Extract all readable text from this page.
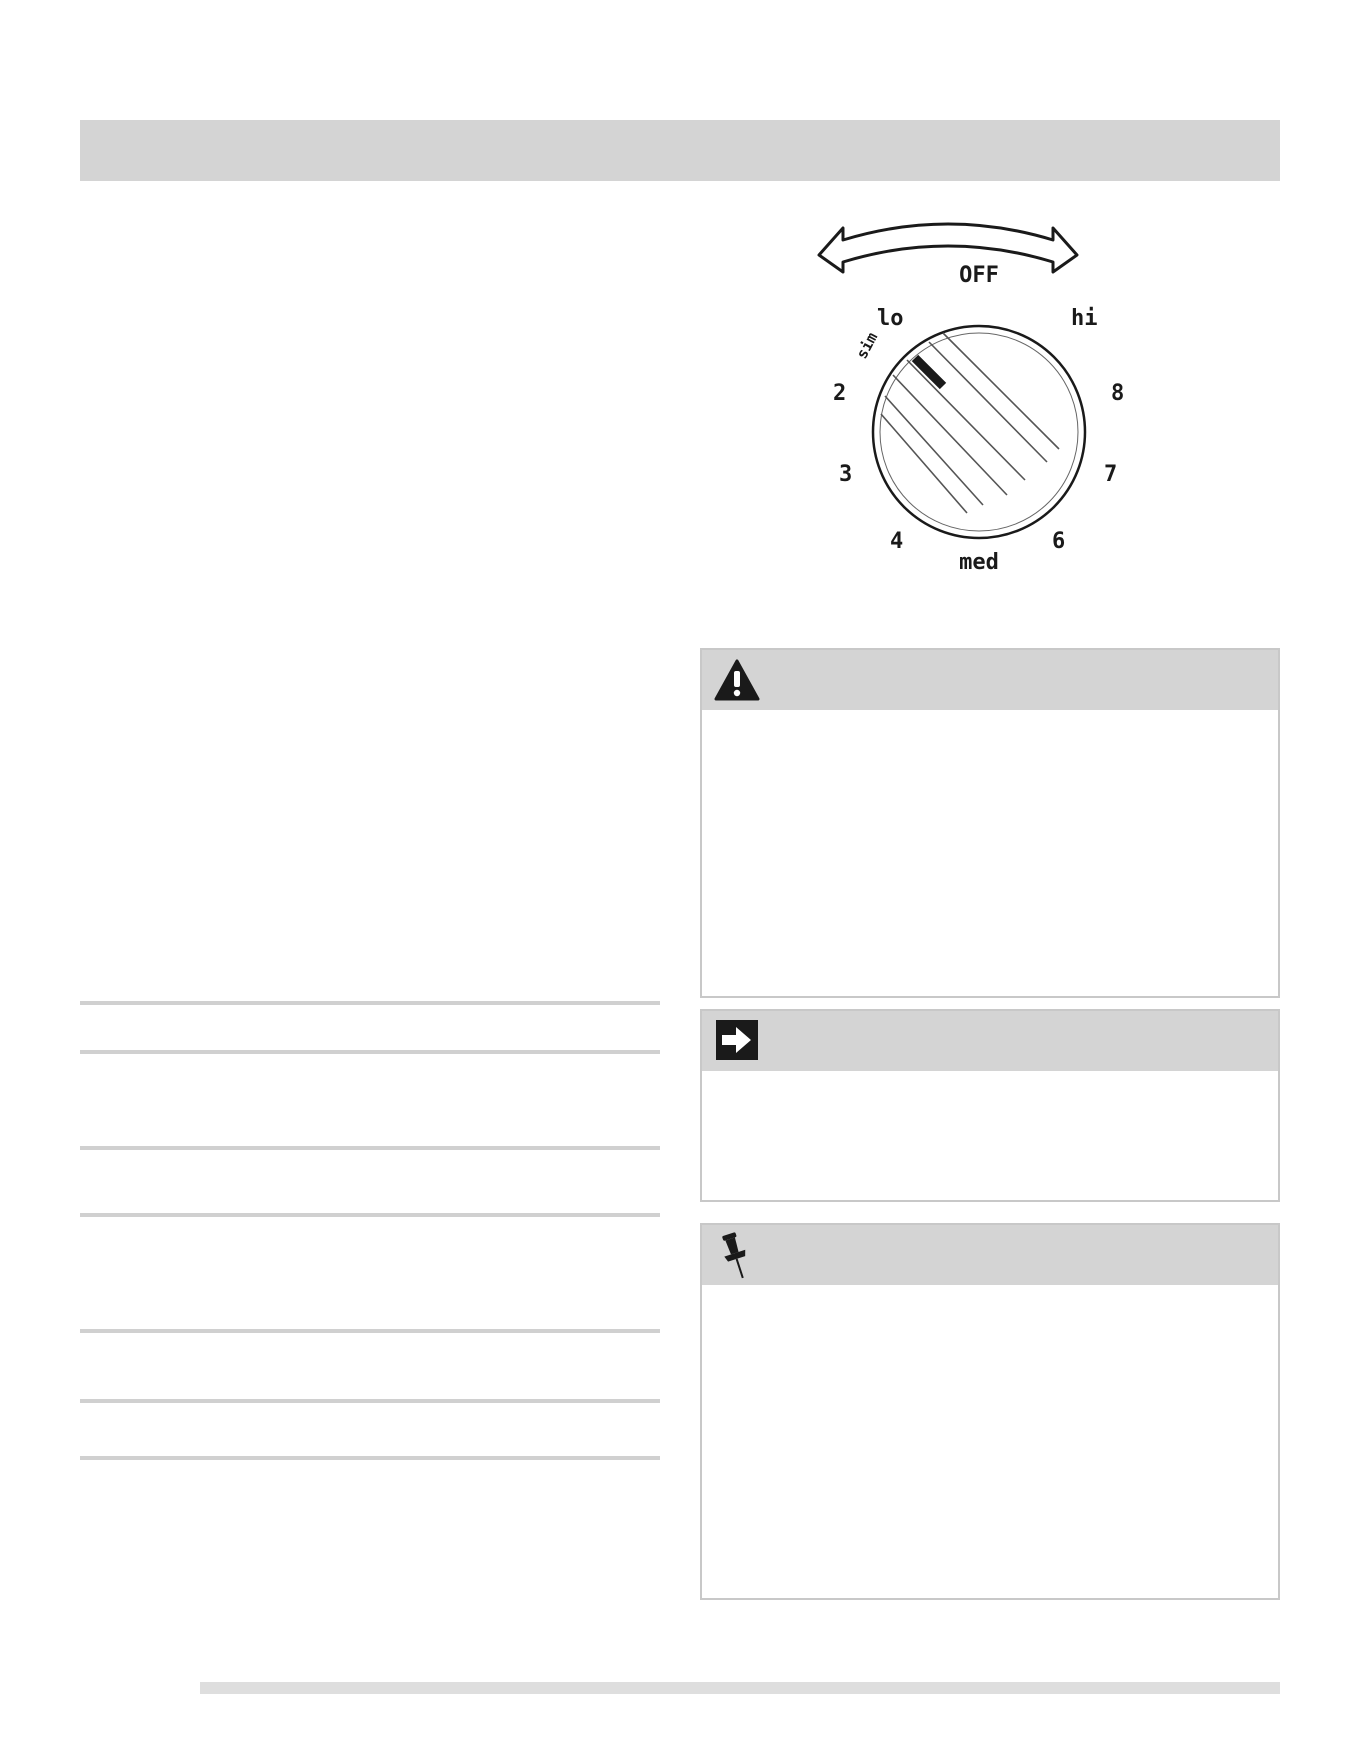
OFF
lo	hi
2	8
3	7
4	6
med
sim
